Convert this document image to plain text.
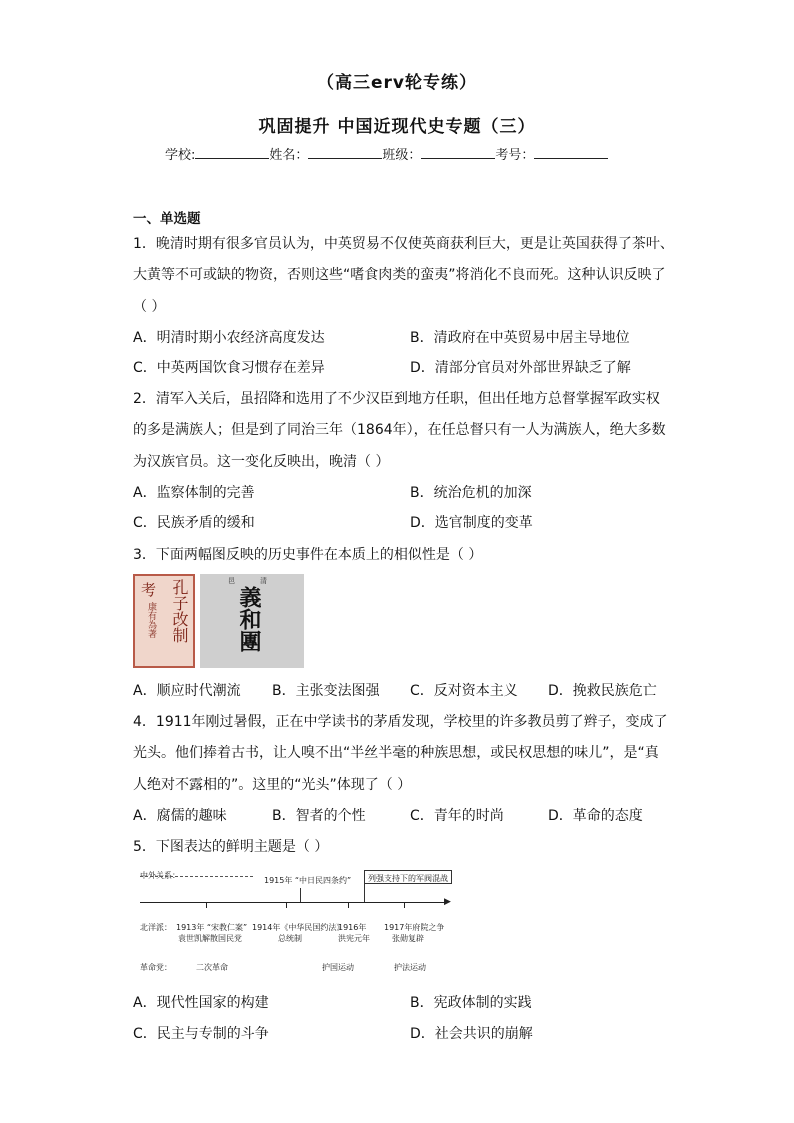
（高三erv轮专练）
巩固提升 中国近现代史专题（三）
学校:	姓名：	班级：	考号：
一、单选题
1．晚清时期有很多官员认为，中英贸易不仅使英商获利巨大，更是让英国获得了茶叶、
大黄等不可或缺的物资，否则这些“嗜食肉类的蛮夷”将消化不良而死。这种认识反映了
（ ）
A．明清时期小农经济高度发达	B．清政府在中英贸易中居主导地位
C．中英两国饮食习惯存在差异	D．清部分官员对外部世界缺乏了解
2．清军入关后，虽招降和选用了不少汉臣到地方任职，但出任地方总督掌握军政实权
的多是满族人；但是到了同治三年（1864年），在任总督只有一人为满族人，绝大多数
为汉族官员。这一变化反映出，晚清（ ）
A．监察体制的完善	B．统治危机的加深
C．民族矛盾的缓和	D．选官制度的变革
3．下面两幅图反映的历史事件在本质上的相似性是（ ）
孔子改制
考
康有為著
邑	清
義和團
A．顺应时代潮流 B．主张变法图强 C．反对资本主义 D．挽救民族危亡
4．1911年刚过暑假，正在中学读书的茅盾发现，学校里的许多教员剪了辫子，变成了
光头。他们捧着古书，让人嗅不出“半丝半毫的种族思想，或民权思想的味儿”，是“真
人绝对不露相的”。这里的“光头”体现了（ ）
A．腐儒的趣味	B．智者的个性	C．青年的时尚	D．革命的态度
5．下图表达的鲜明主题是（ ）
中外关系：
1915年 “中日民四条约” 列强支持下的军阀混战
▶
北洋派： 1913年 “宋教仁案”
袁世凯解散国民党
1914年《中华民国约法》
总统制
1916年
洪宪元年
1917年府院之争
张勋复辟
革命党：	二次革命	护国运动	护法运动
A．现代性国家的构建	B．宪政体制的实践
C．民主与专制的斗争	D．社会共识的崩解
